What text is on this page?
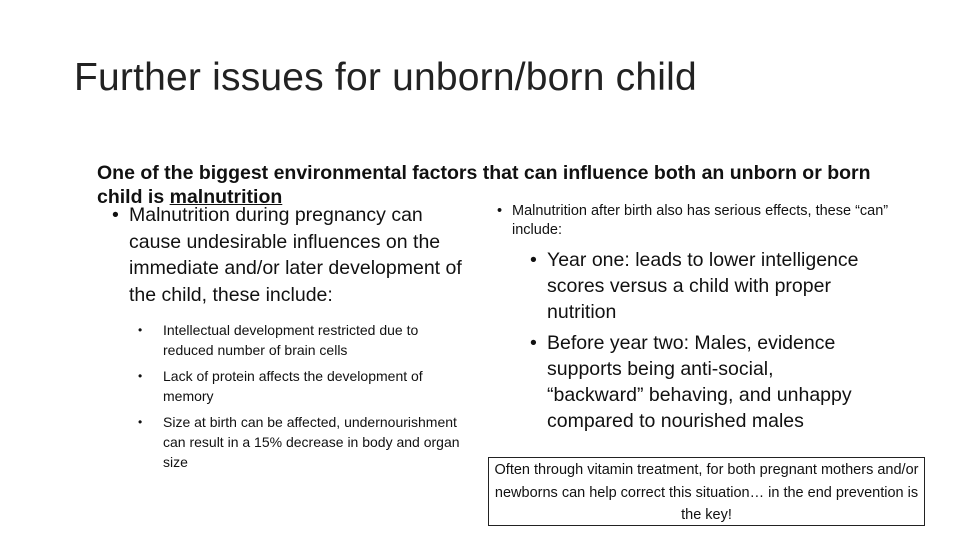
Further issues for unborn/born child
One of the biggest environmental factors that can influence both an unborn or born child is malnutrition
• Malnutrition during pregnancy can cause undesirable influences on the immediate and/or later development of the child, these include:
• Intellectual development restricted due to reduced number of brain cells
• Lack of protein affects the development of memory
• Size at birth can be affected, undernourishment can result in a 15% decrease in body and organ size
• Malnutrition after birth also has serious effects, these “can” include:
• Year one: leads to lower intelligence scores versus a child with proper nutrition
• Before year two: Males, evidence supports being anti-social, “backward” behaving, and unhappy compared to nourished males
Often through vitamin treatment, for both pregnant mothers and/or newborns can help correct this situation… in the end prevention is the key!
